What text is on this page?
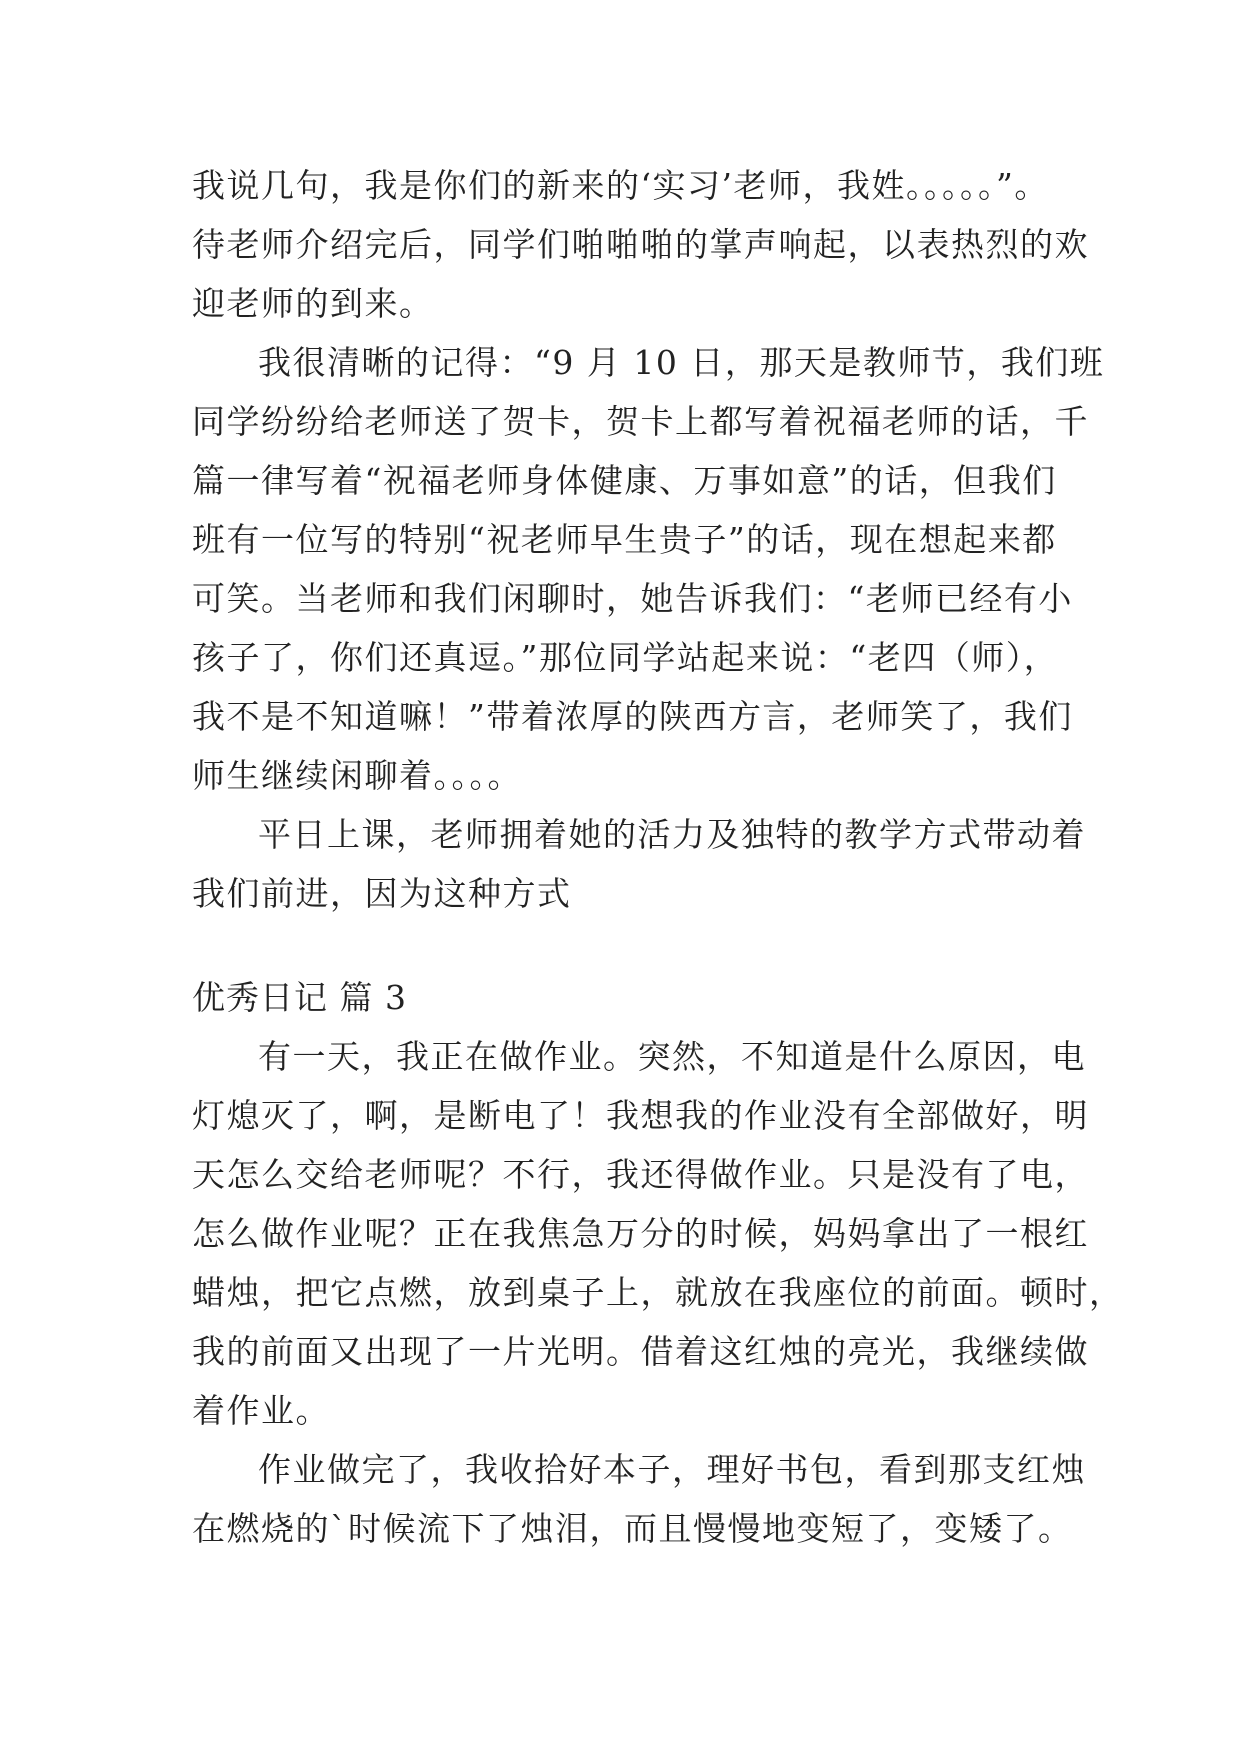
我说几句，我是你们的新来的‘实习’老师，我姓。。。。。”。
待老师介绍完后，同学们啪啪啪的掌声响起，以表热烈的欢
迎老师的到来。
我很清晰的记得：“9 月 10 日，那天是教师节，我们班
同学纷纷给老师送了贺卡，贺卡上都写着祝福老师的话，千
篇一律写着“祝福老师身体健康、万事如意”的话，但我们
班有一位写的特别“祝老师早生贵子”的话，现在想起来都
可笑。当老师和我们闲聊时，她告诉我们：“老师已经有小
孩子了，你们还真逗。”那位同学站起来说：“老四（师），
我不是不知道嘛！”带着浓厚的陕西方言，老师笑了，我们
师生继续闲聊着。。。。
平日上课，老师拥着她的活力及独特的教学方式带动着
我们前进，因为这种方式
优秀日记 篇 3
有一天，我正在做作业。突然，不知道是什么原因，电
灯熄灭了，啊，是断电了！我想我的作业没有全部做好，明
天怎么交给老师呢？不行，我还得做作业。只是没有了电，
怎么做作业呢？正在我焦急万分的时候，妈妈拿出了一根红
蜡烛，把它点燃，放到桌子上，就放在我座位的前面。顿时，
我的前面又出现了一片光明。借着这红烛的亮光，我继续做
着作业。
作业做完了，我收拾好本子，理好书包，看到那支红烛
在燃烧的`时候流下了烛泪，而且慢慢地变短了，变矮了。
